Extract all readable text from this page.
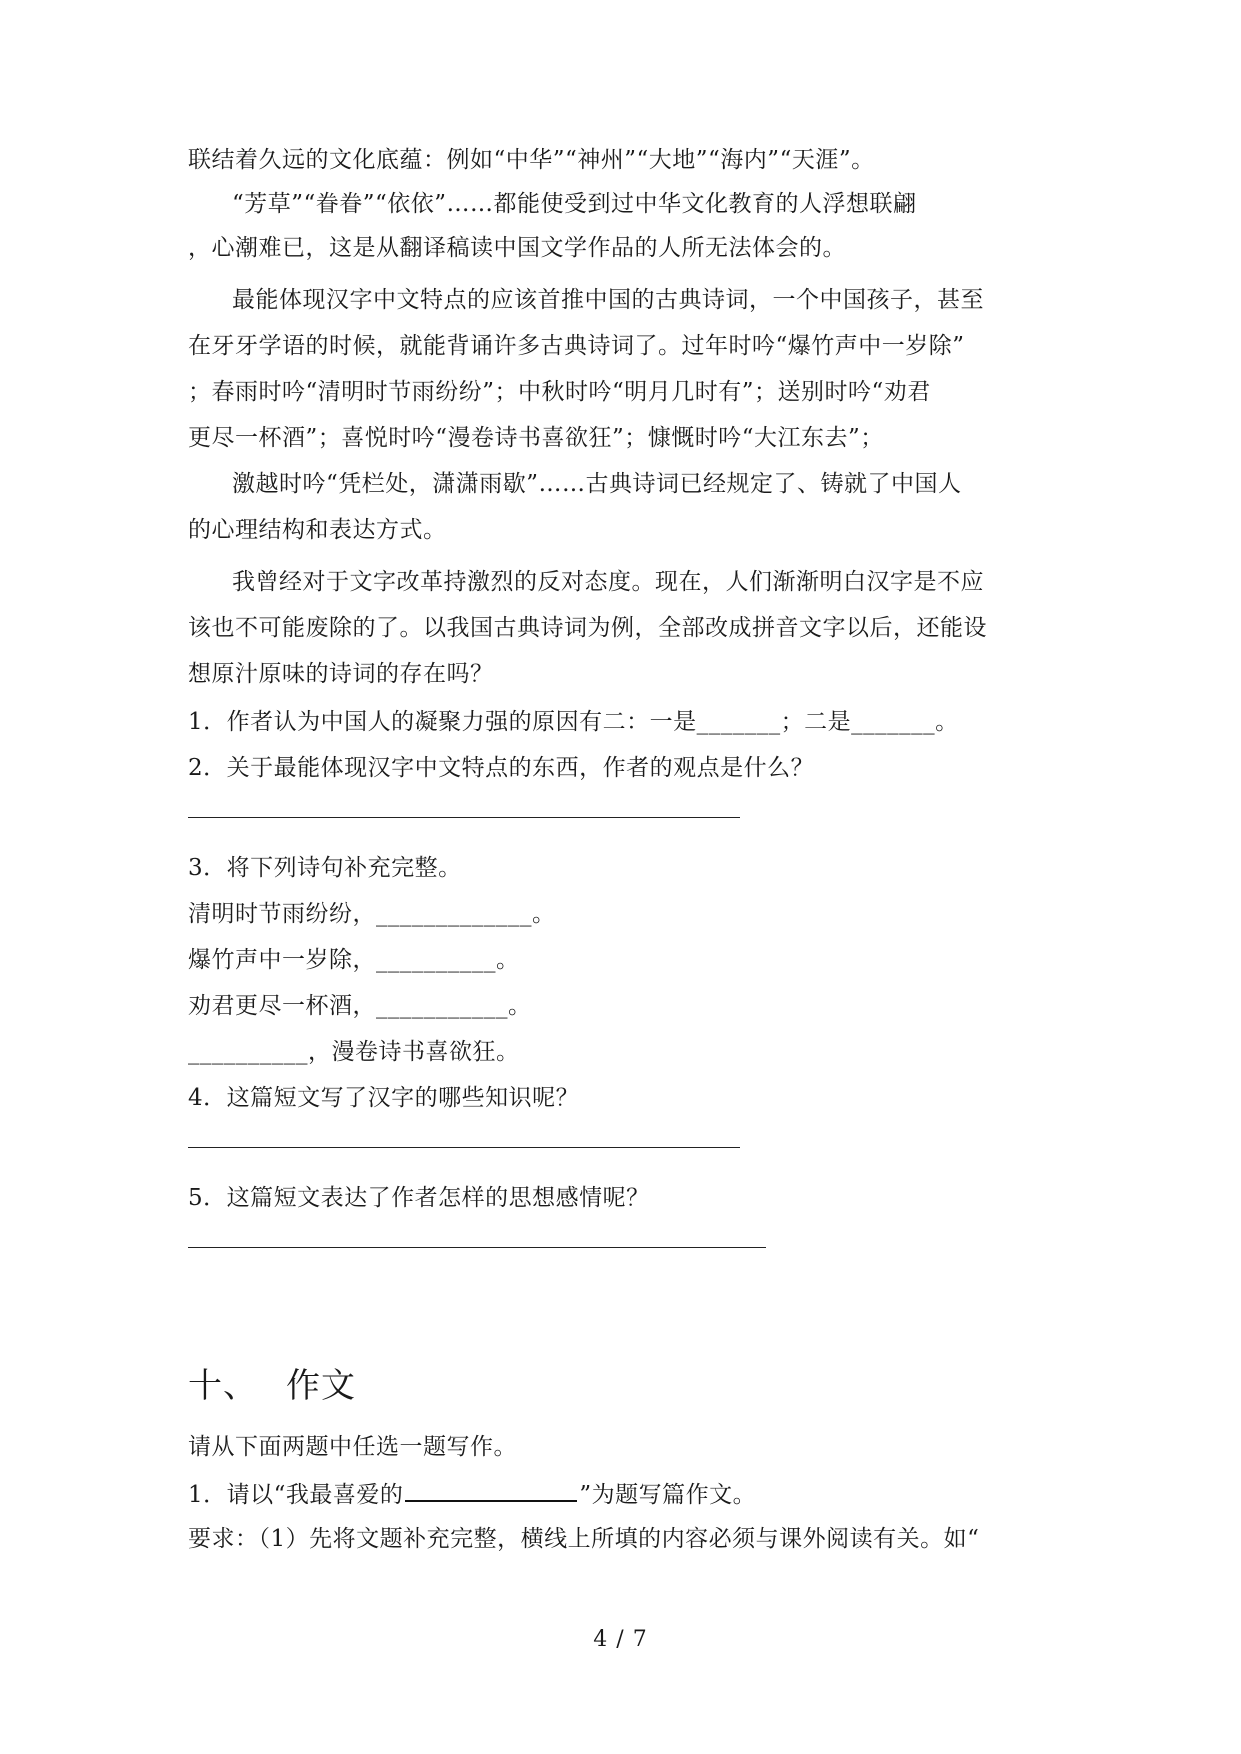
联结着久远的文化底蕴：例如“中华”“神州”“大地”“海内”“天涯”。
“芳草”“眷眷”“依依”……都能使受到过中华文化教育的人浮想联翩
，心潮难已，这是从翻译稿读中国文学作品的人所无法体会的。
最能体现汉字中文特点的应该首推中国的古典诗词，一个中国孩子，甚至
在牙牙学语的时候，就能背诵许多古典诗词了。过年时吟“爆竹声中一岁除”
；春雨时吟“清明时节雨纷纷”；中秋时吟“明月几时有”；送别时吟“劝君
更尽一杯酒”；喜悦时吟“漫卷诗书喜欲狂”；慷慨时吟“大江东去”；
激越时吟“凭栏处，潇潇雨歇”……古典诗词已经规定了、铸就了中国人
的心理结构和表达方式。
我曾经对于文字改革持激烈的反对态度。现在，人们渐渐明白汉字是不应
该也不可能废除的了。以我国古典诗词为例，全部改成拼音文字以后，还能设
想原汁原味的诗词的存在吗？
1．作者认为中国人的凝聚力强的原因有二：一是_______；二是_______。
2．关于最能体现汉字中文特点的东西，作者的观点是什么？
3．将下列诗句补充完整。
清明时节雨纷纷，_____________。
爆竹声中一岁除，__________。
劝君更尽一杯酒，___________。
__________，漫卷诗书喜欲狂。
4．这篇短文写了汉字的哪些知识呢？
5．这篇短文表达了作者怎样的思想感情呢？
十、 作文
请从下面两题中任选一题写作。
1．请以“我最喜爱的	”为题写篇作文。
要求：（1）先将文题补充完整，横线上所填的内容必须与课外阅读有关。如“
4 / 7
